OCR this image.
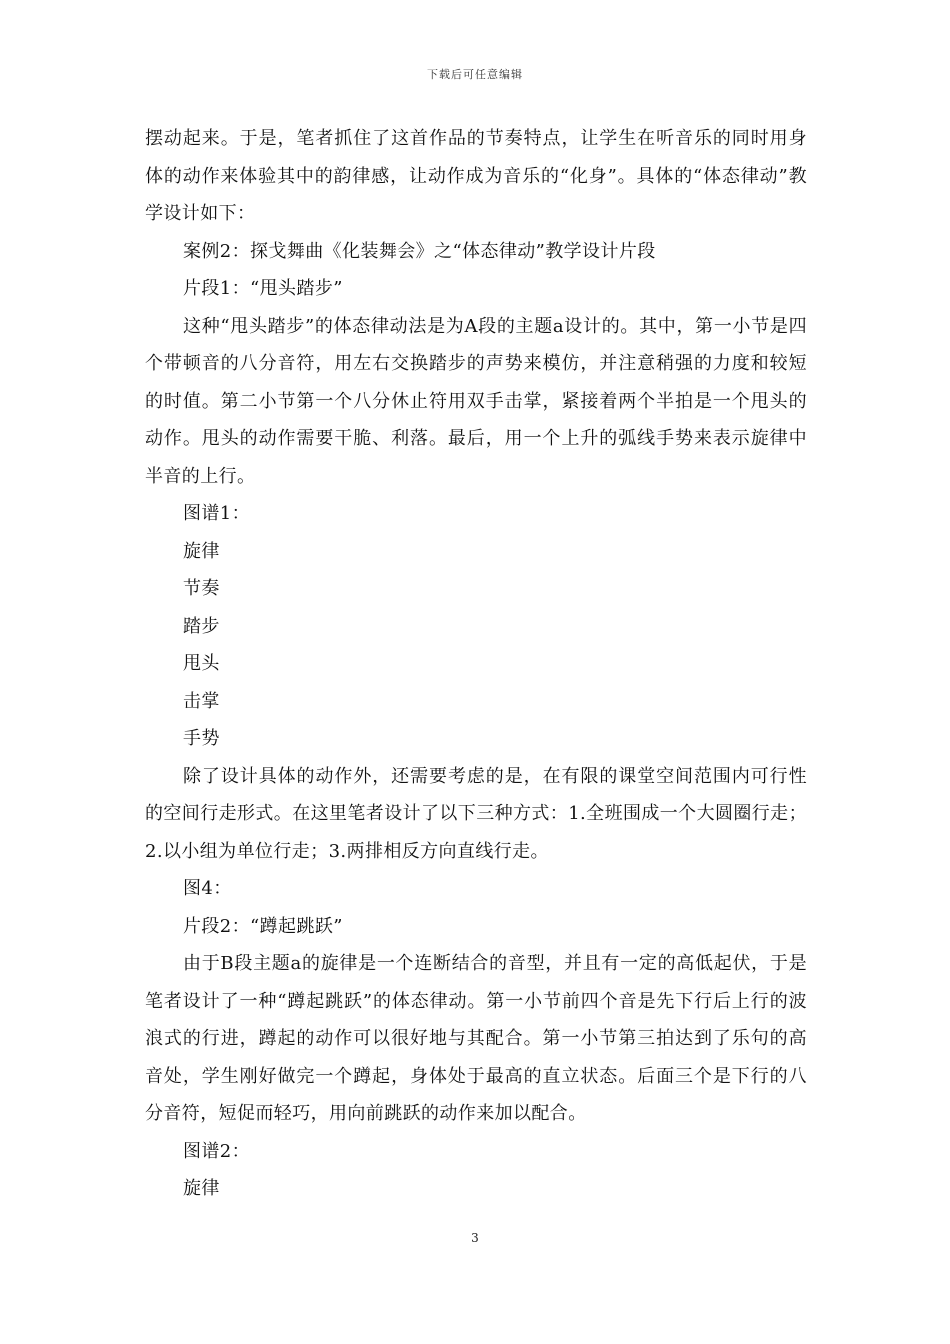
下载后可任意编辑

摆动起来。于是，笔者抓住了这首作品的节奏特点，让学生在听音乐的同时用身体的动作来体验其中的韵律感，让动作成为音乐的“化身”。具体的“体态律动”教学设计如下：

案例2：探戈舞曲《化装舞会》之“体态律动”教学设计片段

片段1：“甩头踏步”

这种“甩头踏步”的体态律动法是为A段的主题a设计的。其中，第一小节是四个带顿音的八分音符，用左右交换踏步的声势来模仿，并注意稍强的力度和较短的时值。第二小节第一个八分休止符用双手击掌，紧接着两个半拍是一个甩头的动作。甩头的动作需要干脆、利落。最后，用一个上升的弧线手势来表示旋律中半音的上行。

图谱1：

旋律

节奏

踏步

甩头

击掌

手势

除了设计具体的动作外，还需要考虑的是，在有限的课堂空间范围内可行性的空间行走形式。在这里笔者设计了以下三种方式：1.全班围成一个大圆圈行走；2.以小组为单位行走；3.两排相反方向直线行走。

图4：

片段2：“蹲起跳跃”

由于B段主题a的旋律是一个连断结合的音型，并且有一定的高低起伏，于是笔者设计了一种“蹲起跳跃”的体态律动。第一小节前四个音是先下行后上行的波浪式的行进，蹲起的动作可以很好地与其配合。第一小节第三拍达到了乐句的高音处，学生刚好做完一个蹲起，身体处于最高的直立状态。后面三个是下行的八分音符，短促而轻巧，用向前跳跃的动作来加以配合。

图谱2：

旋律

3
